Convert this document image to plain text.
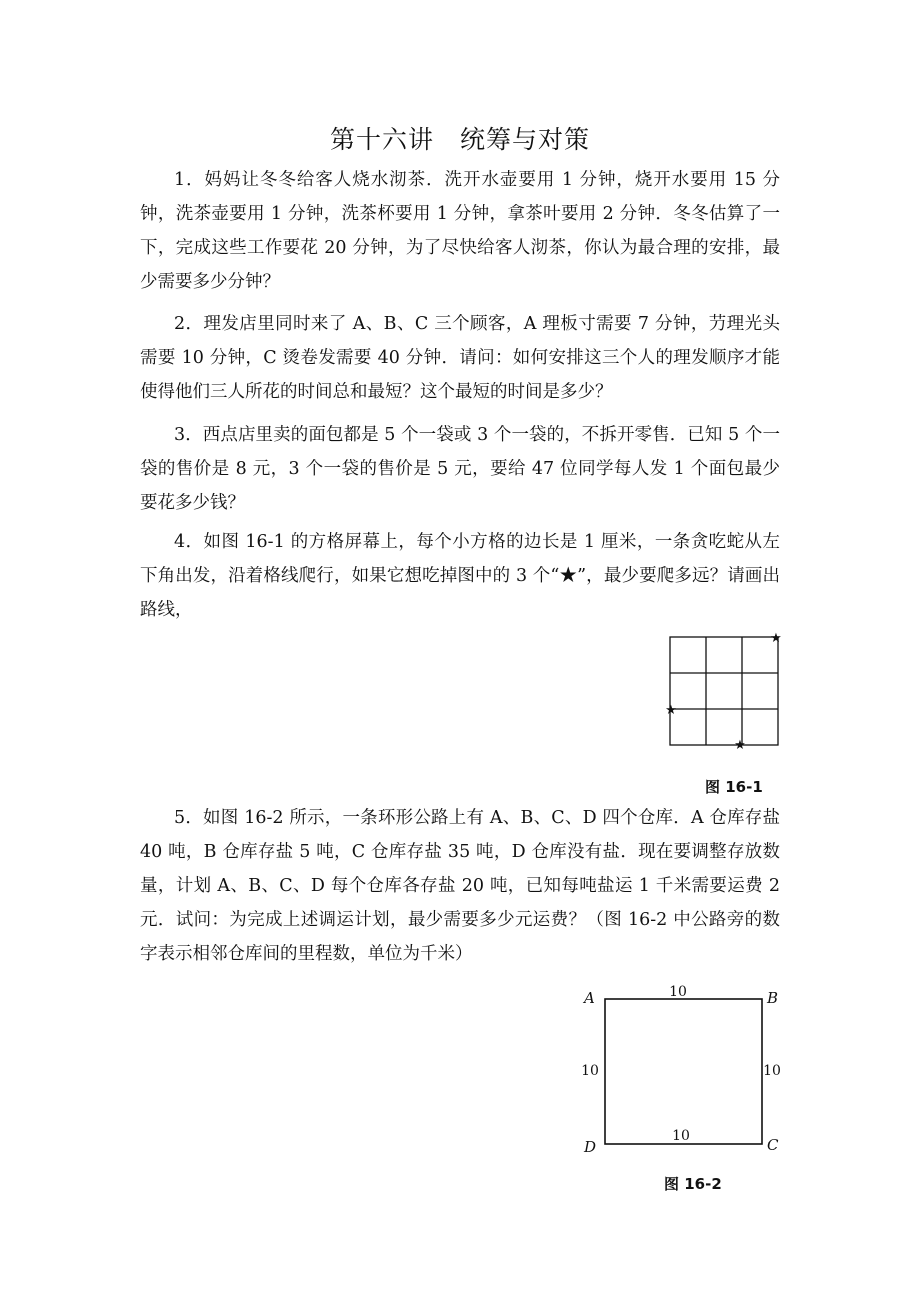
第十六讲　统筹与对策
1．妈妈让冬冬给客人烧水沏茶．洗开水壶要用 1 分钟，烧开水要用 15 分钟，洗茶壶要用 1 分钟，洗茶杯要用 1 分钟，拿茶叶要用 2 分钟．冬冬估算了一下，完成这些工作要花 20 分钟，为了尽快给客人沏茶，你认为最合理的安排，最少需要多少分钟？
2．理发店里同时来了 A、B、C 三个顾客，A 理板寸需要 7 分钟，芀理光头需要 10 分钟，C 烫卷发需要 40 分钟．请问：如何安排这三个人的理发顺序才能使得他们三人所花的时间总和最短？这个最短的时间是多少？
3．西点店里卖的面包都是 5 个一袋或 3 个一袋的，不拆开零售．已知 5 个一袋的售价是 8 元，3 个一袋的售价是 5 元，要给 47 位同学每人发 1 个面包最少要花多少钱？
4．如图 16-1 的方格屏幕上，每个小方格的边长是 1 厘米，一条贪吃蛇从左下角出发，沿着格线爬行，如果它想吃掉图中的 3 个“★”，最少要爬多远？请画出路线，
★
★
★
A	B
D	C
10
10	10
10
图 16-1
5．如图 16-2 所示，一条环形公路上有 A、B、C、D 四个仓库．A 仓库存盐 40 吨，B 仓库存盐 5 吨，C 仓库存盐 35 吨，D 仓库没有盐．现在要调整存放数量，计划 A、B、C、D 每个仓库各存盐 20 吨，已知每吨盐运 1 千米需要运费 2 元．试问：为完成上述调运计划，最少需要多少元运费？（图 16-2 中公路旁的数字表示相邻仓库间的里程数，单位为千米）
图 16-2
